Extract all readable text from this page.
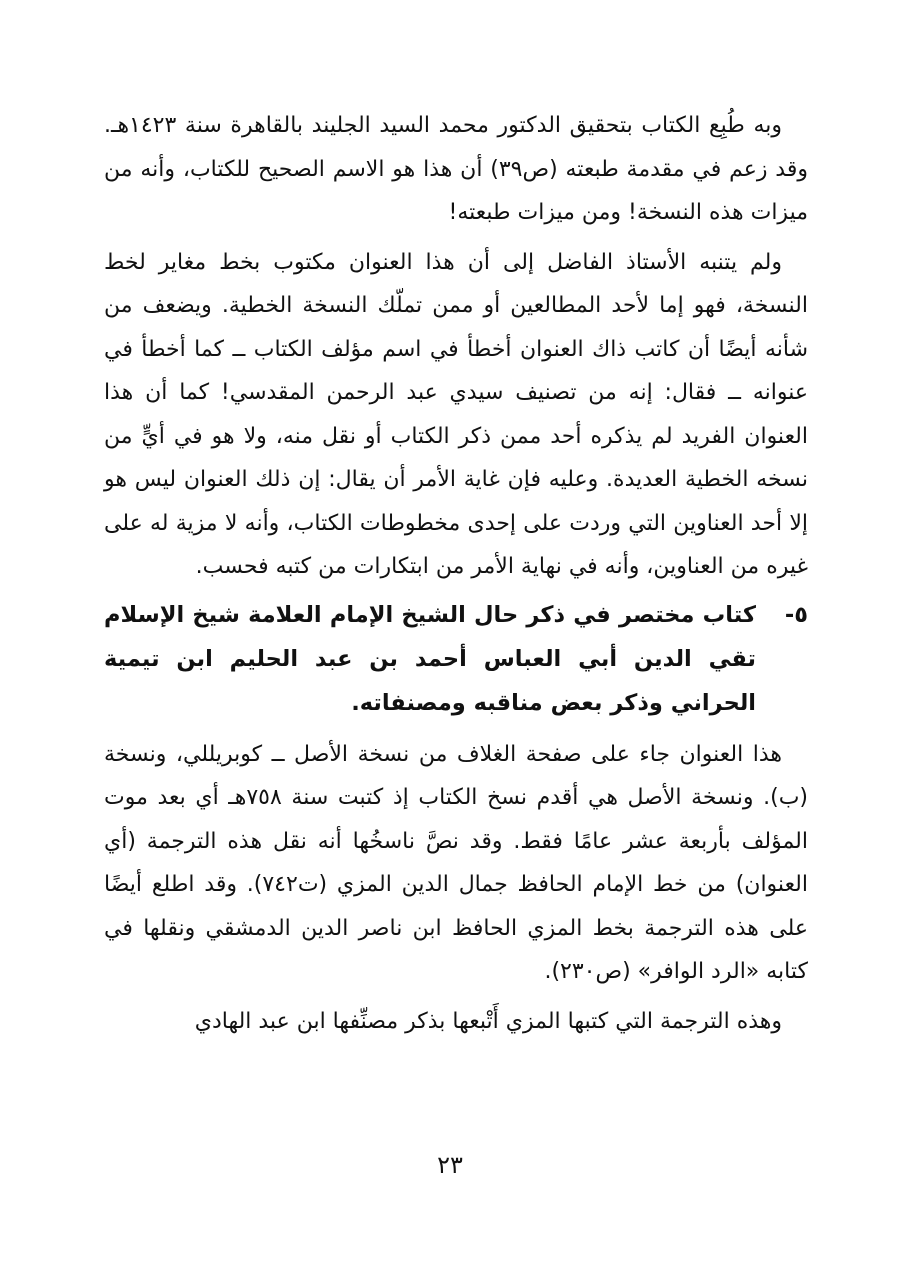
وبه طُبِع الكتاب بتحقيق الدكتور محمد السيد الجليند بالقاهرة سنة ١٤٢٣هـ. وقد زعم في مقدمة طبعته (ص٣٩) أن هذا هو الاسم الصحيح للكتاب، وأنه من ميزات هذه النسخة! ومن ميزات طبعته!

ولم يتنبه الأستاذ الفاضل إلى أن هذا العنوان مكتوب بخط مغاير لخط النسخة، فهو إما لأحد المطالعين أو ممن تملّك النسخة الخطية. ويضعف من شأنه أيضًا أن كاتب ذاك العنوان أخطأ في اسم مؤلف الكتاب ــ كما أخطأ في عنوانه ــ فقال: إنه من تصنيف سيدي عبد الرحمن المقدسي! كما أن هذا العنوان الفريد لم يذكره أحد ممن ذكر الكتاب أو نقل منه، ولا هو في أيٍّ من نسخه الخطية العديدة. وعليه فإن غاية الأمر أن يقال: إن ذلك العنوان ليس هو إلا أحد العناوين التي وردت على إحدى مخطوطات الكتاب، وأنه لا مزية له على غيره من العناوين، وأنه في نهاية الأمر من ابتكارات من كتبه فحسب.

٥-
كتاب مختصر في ذكر حال الشيخ الإمام العلامة شيخ الإسلام تقي الدين أبي العباس أحمد بن عبد الحليم ابن تيمية الحراني وذكر بعض مناقبه ومصنفاته.

هذا العنوان جاء على صفحة الغلاف من نسخة الأصل ــ كوبريللي، ونسخة (ب). ونسخة الأصل هي أقدم نسخ الكتاب إذ كتبت سنة ٧٥٨هـ أي بعد موت المؤلف بأربعة عشر عامًا فقط. وقد نصَّ ناسخُها أنه نقل هذه الترجمة (أي العنوان) من خط الإمام الحافظ جمال الدين المزي (ت٧٤٢). وقد اطلع أيضًا على هذه الترجمة بخط المزي الحافظ ابن ناصر الدين الدمشقي ونقلها في كتابه «الرد الوافر» (ص٢٣٠).

وهذه الترجمة التي كتبها المزي أَتْبعها بذكر مصنِّفها ابن عبد الهادي

٢٣
